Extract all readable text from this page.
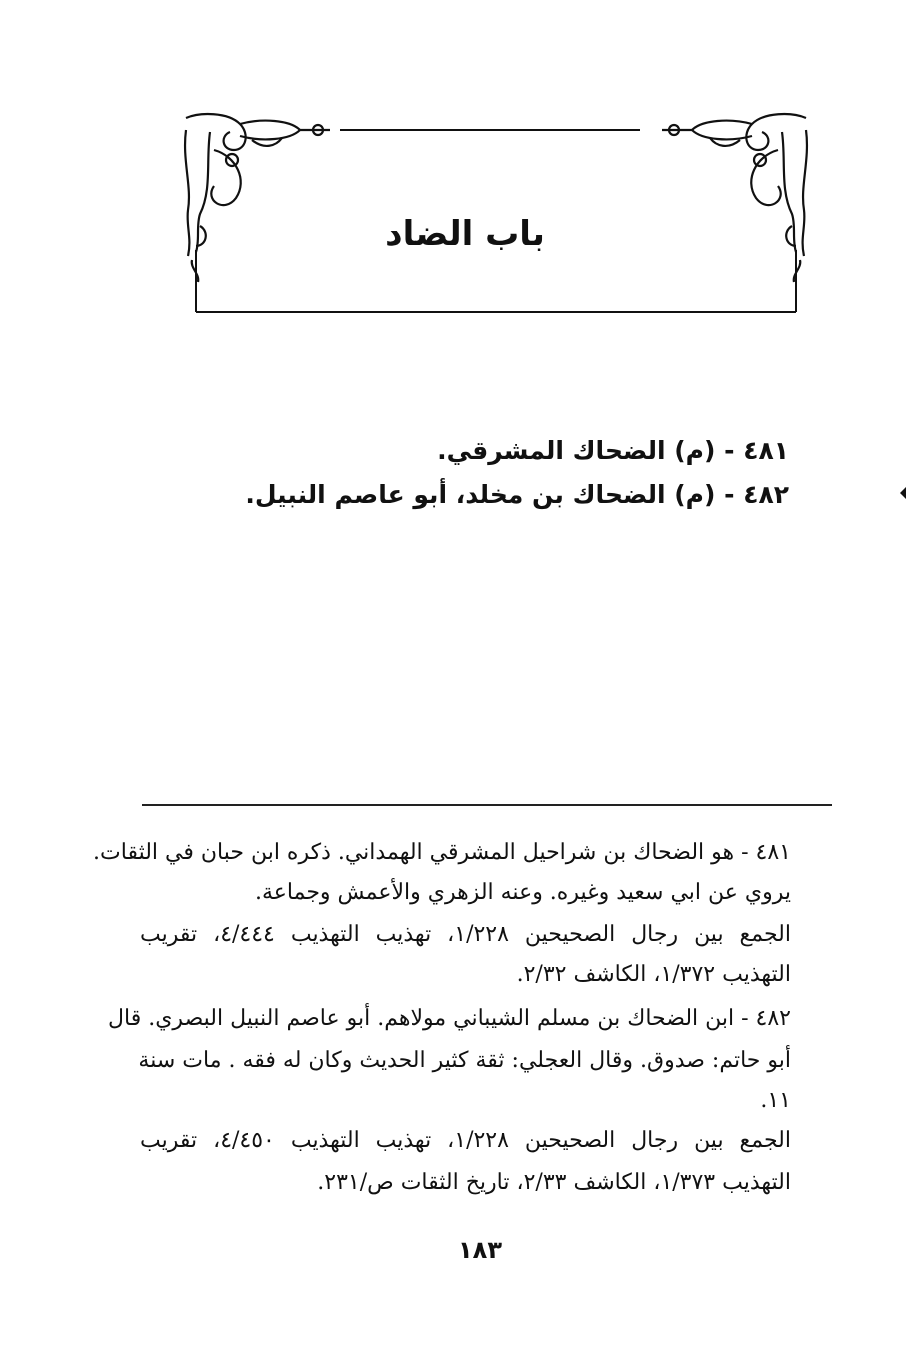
باب الضاد

٤٨١ - (م) الضحاك المشرقي.

٤٨٢ - (م) الضحاك بن مخلد، أبو عاصم النبيل.

٤٨١ - هو الضحاك بن شراحيل المشرقي الهمداني. ذكره ابن حبان في الثقات.

يروي عن ابي سعيد وغيره. وعنه الزهري والأعمش وجماعة.

الجمع بين رجال الصحيحين ١/٢٢٨، تهذيب التهذيب ٤/٤٤٤، تقريب

التهذيب ١/٣٧٢، الكاشف ٢/٣٢.

٤٨٢ - ابن الضحاك بن مسلم الشيباني مولاهم. أبو عاصم النبيل البصري. قال

أبو حاتم: صدوق. وقال العجلي: ثقة كثير الحديث وكان له فقه . مات سنة

١١.

الجمع بين رجال الصحيحين ١/٢٢٨، تهذيب التهذيب ٤/٤٥٠، تقريب

التهذيب ١/٣٧٣، الكاشف ٢/٣٣، تاريخ الثقات ص/٢٣١.

١٨٣
